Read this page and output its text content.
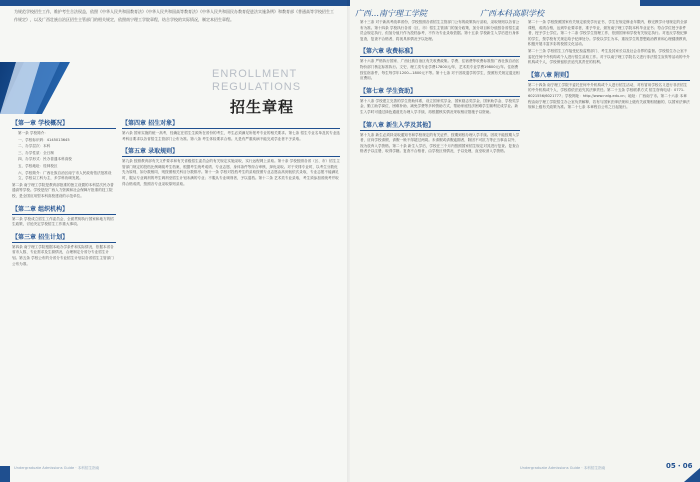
为规范学校招生工作，维护考生合法权益，依照《中华人民共和国教育法》《中华人民共和国高等教育法》《中华人民共和国民办教育促进法实施条例》和教育部《普通高等学校招生工作规定》，以及广西壮族自治区招生主管部门的相关规定，依照南宁理工学院章程，结合学校的实际情况，制定本招生章程。
ENROLLMENT
REGULATIONS
招生章程
【第一章 学校概况】
第一条 学校简介：
一、学校标识码：4145013645
二、办学层次：本科
三、办学性质：全日制
四、办学形式：民办普通本科高校
五、学校地址：桂林校区
六、学校简介：广西壮族自治区南宁市人民政府依法批准设立，学校以工科为主，多学科协调发展。
第二条 南宁理工学院是教育部批准的独立设置的本科层次民办普通高等学校。学校是经广西人力资源和社会保障厅批准的技工院校，是全国应用型本科高校建设的示范单位。
【第二章 组织机构】
第二条 学校成立招生工作委员会，全面贯彻执行国家和地方的招生政策，讨论决定学校招生工作重大事项。
【第三章 招生计划】
第四条 南宁理工学院根据本地办学条件和实际情况，依据本省各省市人数、专业需求及生源情况，合理制定分省分专业招生计划。第五条 学校公布的分省分专业招生计划以各省招生主管部门公布为准。
【第四章 招生对象】
第六条 国家实施的统一高考，经确定在招生生源所在省份的考生，考生必须满足所报考专业的相关要求。第七条 招生专业名单及其专业选考科目要求以各省招生主管部门公布为准。第八条 考生体检要求合格。凡是有严重疾病不能完成学业者不予录取。
【第五章 录取规则】
第九条 按照教育部有关文件要求和有关省级招生委员会的有关规定实施录取，实行远程网上录取。第十条 学校按照各省（区、市）招生主管部门规定的投档比例调阅考生档案，根据考生统考成绩、专业志愿、身体条件等综合审核，择优录取。对于安排专业时，以考生分数优先为原则，如分数相同，则按照相关科目分数排序。第十一条 学校对投档考生的录取按照专业志愿由高到低依次录取，专业志愿不能满足时，服从专业调剂的考生调剂至招生计划未满的专业；不服从专业调剂者，予以退档。第十二条 艺术类专业录取，考生须参加省统考并取得合格成绩，按照各专业录取原则录取。
Undergraduate Admissions Guide · 本科招生指南
广西…南宁理工学院	广西本科高职学校
第十三条 对于新高考改革省份，学校按照各省招生主管部门公布的政策执行录取，录取规则以各省公布为准。第十四条 学校执行各省（区、市）招生主管部门的加分政策，加分项目和分值按各省招生委员会规定执行，但加分值只作为投档参考，不作为专业录取依据。第十五条 学校新生入学后进行身体复查，复查不合格者，将视具体情况予以处理。
【第六章 收费标准】
第十六条 严格执行国家、广西壮族自治区有关收费政策。学费、住宿费等收费标准按广西壮族自治区物价部门核定标准执行。文史、理工类专业学费17800元/年，艺术类专业学费19800元/年。住宿费按住宿条件，每生每学年1200—1800元不等。第十七条 对于因故退学的学生，按照有关规定退还相应费用。
【第七章 学生资助】
第十八条 学校建立完善的学生资助体系，设立国家奖学金、国家励志奖学金、国家助学金、学校奖学金、勤工助学岗位、困难补助、减免学费等多种资助方式，帮助家庭经济困难学生顺利完成学业。新生入学时可通过绿色通道先办理入学手续，再根据核实情况采取相应措施予以资助。
【第八章 新生入学及其他】
第十九条 新生必须持录取通知书和学校规定的有关证件，按期到校办理入学手续。因故不能按期入学者，应向学校请假，请假一般不得超过两周。未请假或请假逾期者，除因不可抗力等正当事由以外，视为放弃入学资格。第二十条 新生入学后，学校在三个月内按照国家招生规定对其进行复查。复查合格者予以注册，取得学籍。复查不合格者，由学校区别情况，予以处理，直至取消入学资格。
第二十一条 学校按照国家有关规定颁发学历证书，学生在规定修业年限内，修完教学计划规定的全部课程，成绩合格，达到毕业要求者，准予毕业，颁发南宁理工学院本科毕业证书；符合学位授予条件者，授予学士学位。第二十二条 学校学生管理工作，依照国家和学校有关规定执行。对违反学校纪律的学生，按学校有关规定给予纪律处分。学校以学生为本，重视学生的思想政治教育和心理健康教育，积极开展丰富多彩的校园文化活动。
第二十三条 学校招生工作接受纪检监察部门、考生及其家长以及社会各界的监督。学校招生办公室不委托任何中介机构或个人进行招生录取工作。对于以南宁理工学院名义进行非法招生宣传等活动的中介机构或个人，学校保留依法追究其责任的权利。
【第八章 附则】
第二十四条 南宁理工学院不委托任何中介机构或个人进行招生活动，对有冒用学校名义进行非法招生的中介机构或个人，学校将依法追究其法律责任。第二十五条 学校联系方式 招生咨询电话：0771-6021556/6021777；学校网址：http://www.nnlg.edu.cn；地址：广西南宁市。第二十六条 本章程由南宁理工学院招生办公室负责解释，若有与国家法律法规和上级有关政策相抵触的，以国家法律法规和上级有关政策为准。第二十七条 本章程自公布之日起施行。
Undergraduate Admissions Guide · 本科招生指南	05・06
